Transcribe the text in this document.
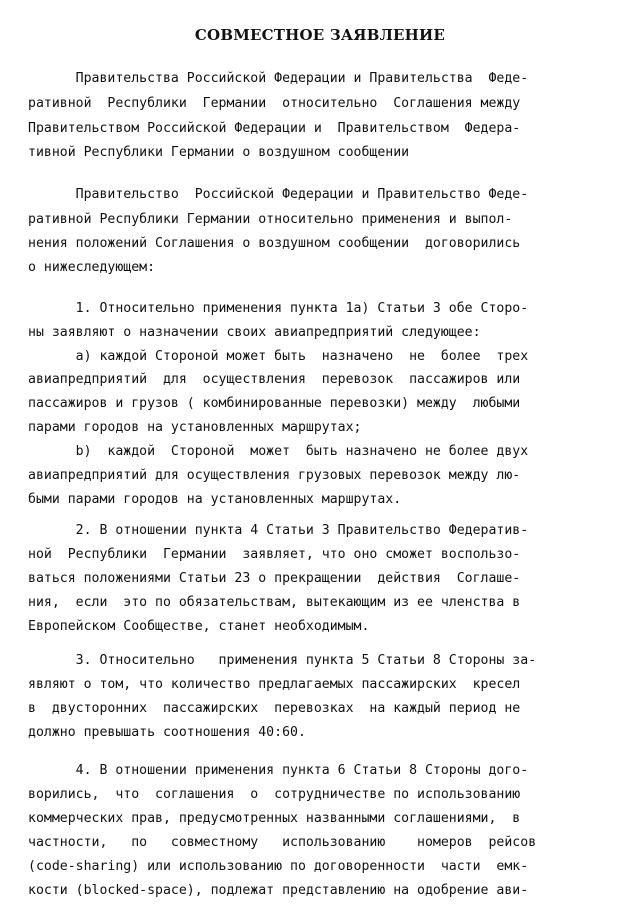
СОВМЕСТНОЕ ЗАЯВЛЕНИЕ
Правительства Российской Федерации и Правительства  Феде-
ративной  Республики  Германии  относительно  Соглашения между
Правительством Российской Федерации и  Правительством  Федера-
тивной Республики Германии о воздушном сообщении
Правительство  Российской Федерации и Правительство Феде-
ративной Республики Германии относительно применения и выпол-
нения положений Соглашения о воздушном сообщении  договорились
о нижеследующем:
1. Относительно применения пункта 1а) Статьи 3 обе Сторо-
ны заявляют о назначении своих авиапредприятий следующее:
а) каждой Стороной может быть  назначено  не  более  трех
авиапредприятий  для  осуществления  перевозок  пассажиров или
пассажиров и грузов ( комбинированные перевозки) между  любыми
парами городов на установленных маршрутах;
b)  каждой  Стороной  может  быть назначено не более двух
авиапредприятий для осуществления грузовых перевозок между лю-
быми парами городов на установленных маршрутах.
2. В отношении пункта 4 Статьи 3 Правительство Федератив-
ной  Республики  Германии  заявляет, что оно сможет воспользо-
ваться положениями Статьи 23 о прекращении  действия  Соглаше-
ния,  если  это по обязательствам, вытекающим из ее членства в
Европейском Сообществе, станет необходимым.
3. Относительно   применения пункта 5 Статьи 8 Стороны за-
являют о том, что количество предлагаемых пассажирских  кресел
в  двусторонних  пассажирских  перевозках  на каждый период не
должно превышать соотношения 40:60.
4. В отношении применения пункта 6 Статьи 8 Стороны дого-
ворились,  что  соглашения  о  сотрудничестве по использованию
коммерческих прав, предусмотренных названными соглашениями,  в
частности,   по   совместному   использованию    номеров  рейсов
(code-sharing) или использованию по договоренности  части  емк-
кости (blocked-space), подлежат представлению на одобрение ави-
